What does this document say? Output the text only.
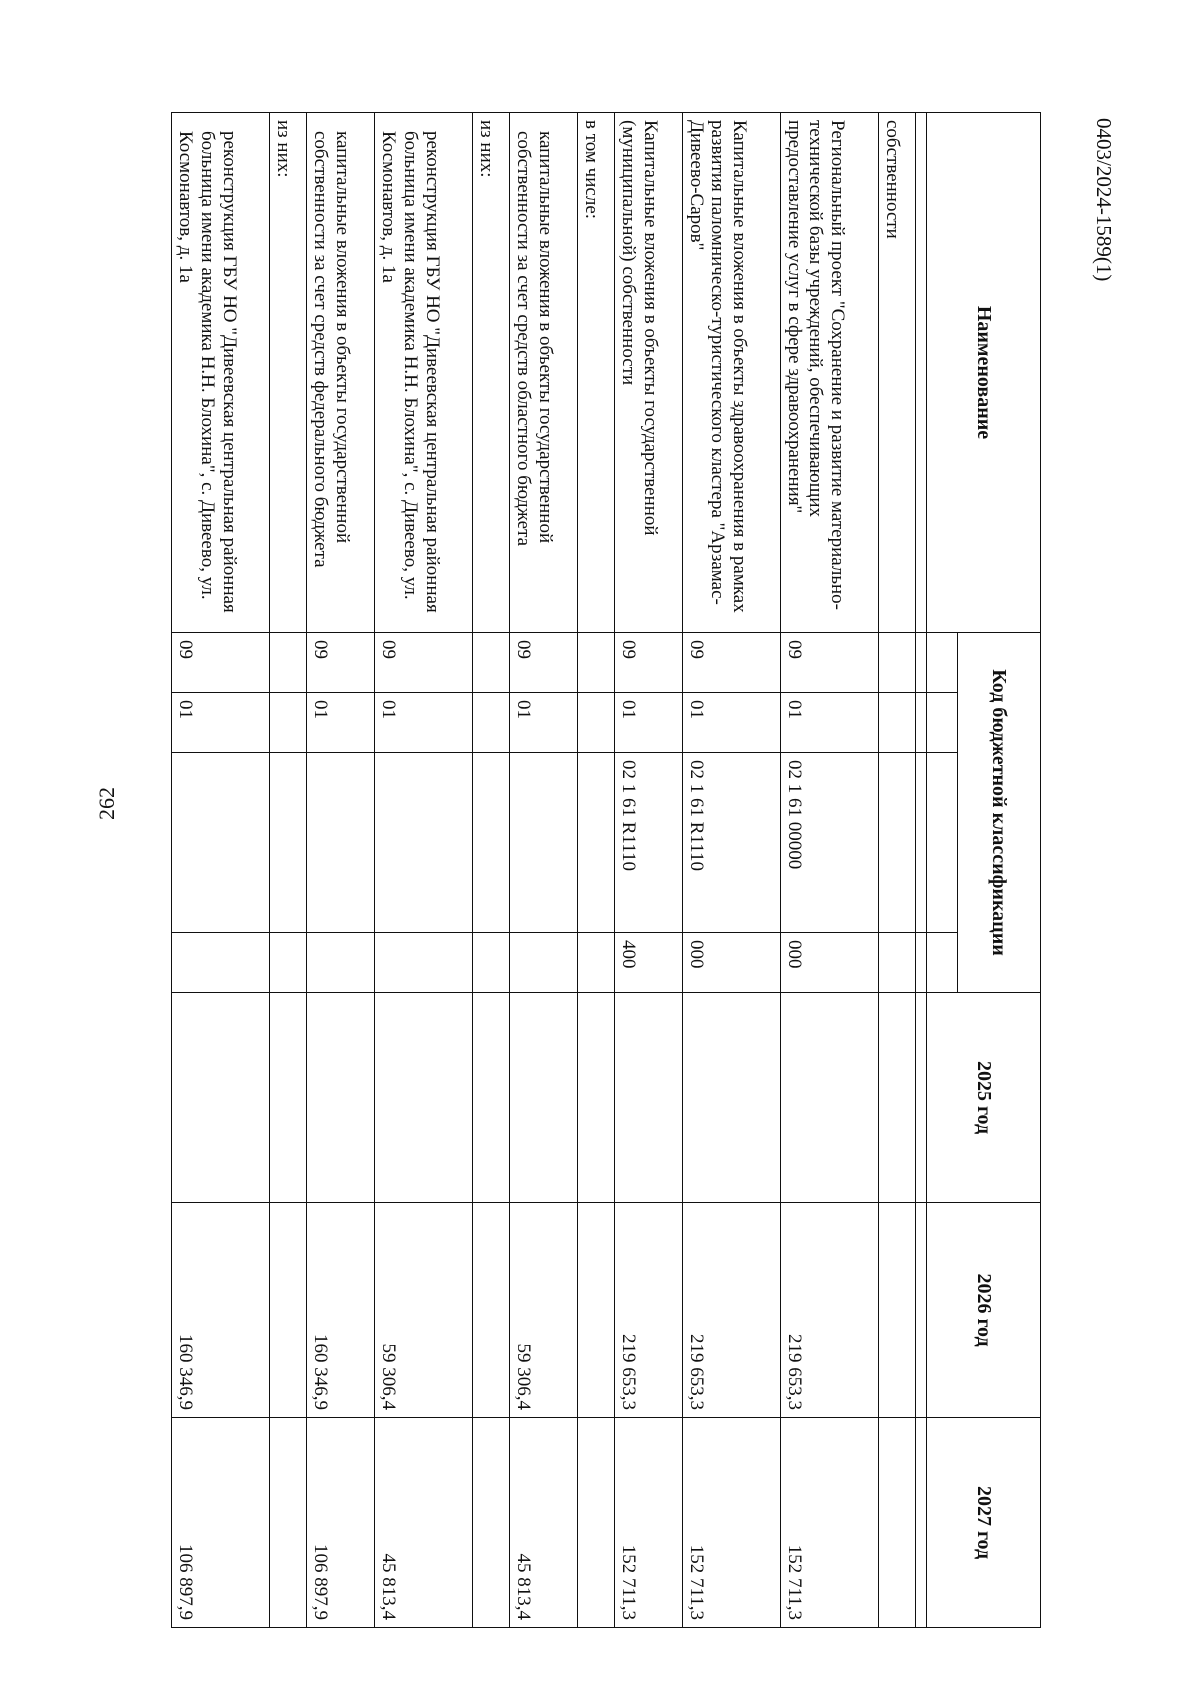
262
0403/2024-1589(1)
Наименование	Код бюджетной классификации				2025 год	2026 год	2027 год

собственности							
Региональный проект "Сохранение и развитие материально-технической базы учреждений, обеспечивающих предоставление услуг в сфере здравоохранения"	09	01	02 1 61 00000	000		219 653,3	152 711,3
Капитальные вложения в объекты здравоохранения в рамках развития паломническо-туристического кластера "Арзамас-Дивеево-Саров"	09	01	02 1 61 R1110	000		219 653,3	152 711,3
Капитальные вложения в объекты государственной (муниципальной) собственности	09	01	02 1 61 R1110	400		219 653,3	152 711,3
в том числе:							
капитальные вложения в объекты государственной собственности за счет средств областного бюджета	09	01				59 306,4	45 813,4
из них:							
реконструкция ГБУ НО "Дивеевская центральная районная больница имени академика Н.Н. Блохина", с. Дивеево, ул. Космонавтов, д. 1а	09	01				59 306,4	45 813,4
капитальные вложения в объекты государственной собственности за счет средств федерального бюджета	09	01				160 346,9	106 897,9
из них:							
реконструкция ГБУ НО "Дивеевская центральная районная больница имени академика Н.Н. Блохина", с. Дивеево, ул. Космонавтов, д. 1а	09	01				160 346,9	106 897,9
